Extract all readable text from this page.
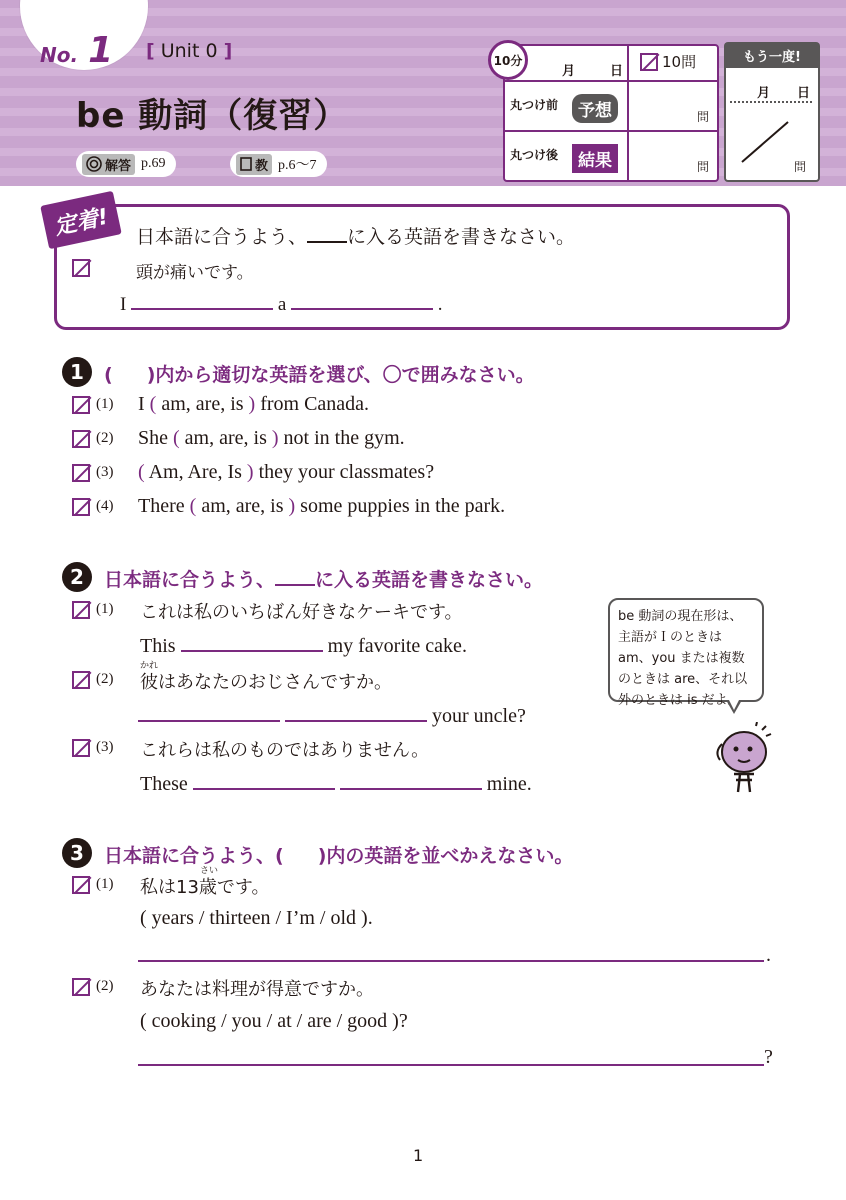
No. 1 [ Unit 0 ]
be 動詞（復習）
解答 p.69	教 p.6～7
10分
月	日
10問
丸つけ前	予想	問
丸つけ後	結果	問
もう一度!
月 日
問
定着!	日本語に合うよう、 に入る英語を書きなさい。
頭が痛いです。
I	a	.
1	( )内から適切な英語を選び、〇で囲みなさい。
(1) I ( am, are, is ) from Canada.
(2) She ( am, are, is ) not in the gym.
(3) ( Am, Are, Is ) they your classmates?
(4) There ( am, are, is ) some puppies in the park.
2	日本語に合うよう、 に入る英語を書きなさい。
(1) これは私のいちばん好きなケーキです。
This	my favorite cake.
(2)
かれ
彼はあなたのおじさんですか。
your uncle?
(3) これらは私のものではありません。
These	mine.
be 動詞の現在形は、主語がＩのときは am、you または複数のときは are、それ以外のときは is だよ。
3	日本語に合うよう、( )内の英語を並べかえなさい。
(1)
さい
私は13歳です。
( years / thirteen / I’m / old ).
.
(2) あなたは料理が得意ですか。
( cooking / you / at / are / good )?
?
1
